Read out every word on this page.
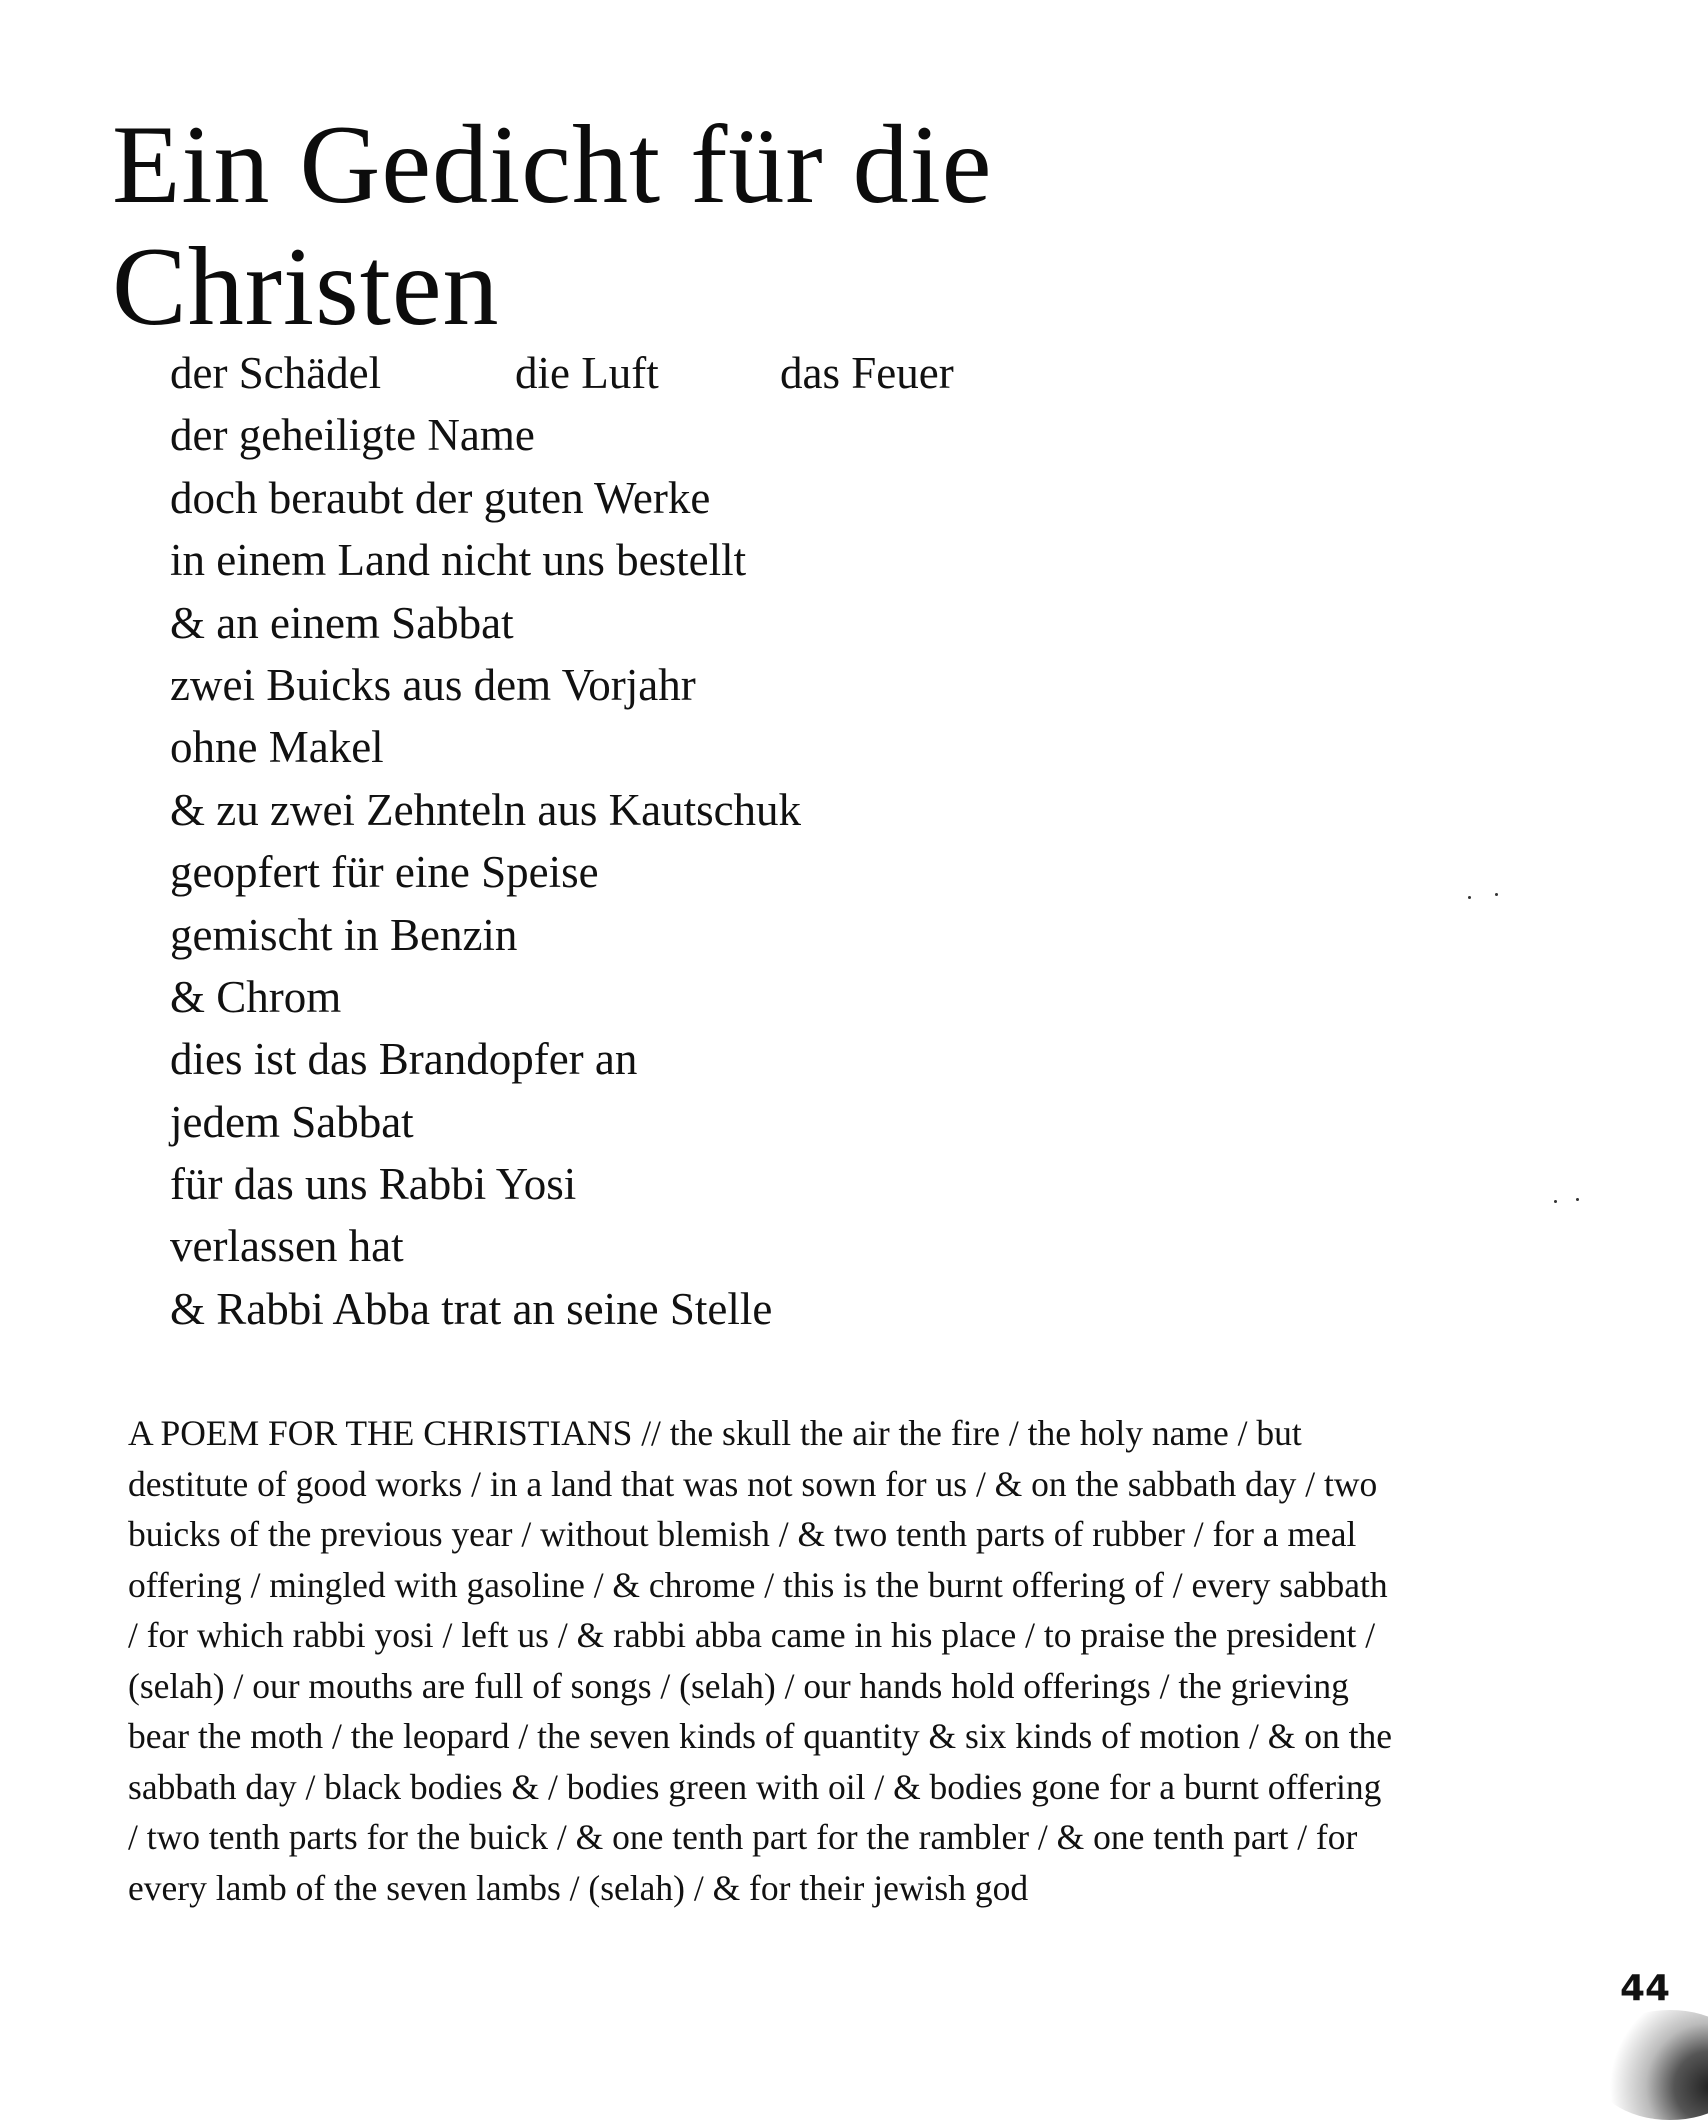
Ein Gedicht für die
Christen
der Schädel	die Luft	das Feuer
der geheiligte Name
doch beraubt der guten Werke
in einem Land nicht uns bestellt
& an einem Sabbat
zwei Buicks aus dem Vorjahr
ohne Makel
& zu zwei Zehnteln aus Kautschuk
geopfert für eine Speise
gemischt in Benzin
& Chrom
dies ist das Brandopfer an
jedem Sabbat
für das uns Rabbi Yosi
verlassen hat
& Rabbi Abba trat an seine Stelle
A POEM FOR THE CHRISTIANS // the skull the air the fire / the holy name / but
destitute of good works / in a land that was not sown for us / & on the sabbath day / two
buicks of the previous year / without blemish / & two tenth parts of rubber / for a meal
offering / mingled with gasoline / & chrome / this is the burnt offering of / every sabbath
/ for which rabbi yosi / left us / & rabbi abba came in his place / to praise the president /
(selah) / our mouths are full of songs / (selah) / our hands hold offerings / the grieving
bear the moth / the leopard / the seven kinds of quantity & six kinds of motion / & on the
sabbath day / black bodies & / bodies green with oil / & bodies gone for a burnt offering
/ two tenth parts for the buick / & one tenth part for the rambler / & one tenth part / for
every lamb of the seven lambs / (selah) / & for their jewish god
44
